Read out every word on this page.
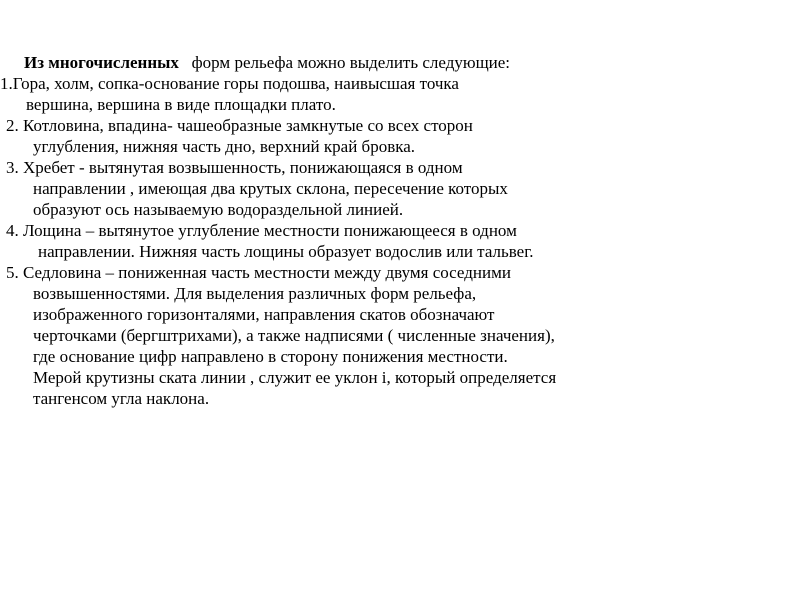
Из многочисленных форм рельефа можно выделить следующие:
1.Гора, холм, сопка-основание горы подошва, наивысшая точка
вершина, вершина в виде площадки плато.
2. Котловина, впадина- чашеобразные замкнутые со всех сторон
углубления, нижняя часть дно, верхний край бровка.
3. Хребет - вытянутая возвышенность, понижающаяся в одном
направлении , имеющая два крутых склона, пересечение которых
образуют ось называемую водораздельной линией.
4. Лощина – вытянутое углубление местности понижающееся в одном
направлении. Нижняя часть лощины образует водослив или тальвег.
5. Седловина – пониженная часть местности между двумя соседними
возвышенностями. Для выделения различных форм рельефа,
изображенного горизонталями, направления скатов обозначают
черточками (бергштрихами), а также надписями ( численные значения),
где основание цифр направлено в сторону понижения местности.
Мерой крутизны ската линии , служит ее уклон i, который определяется
тангенсом угла наклона.
